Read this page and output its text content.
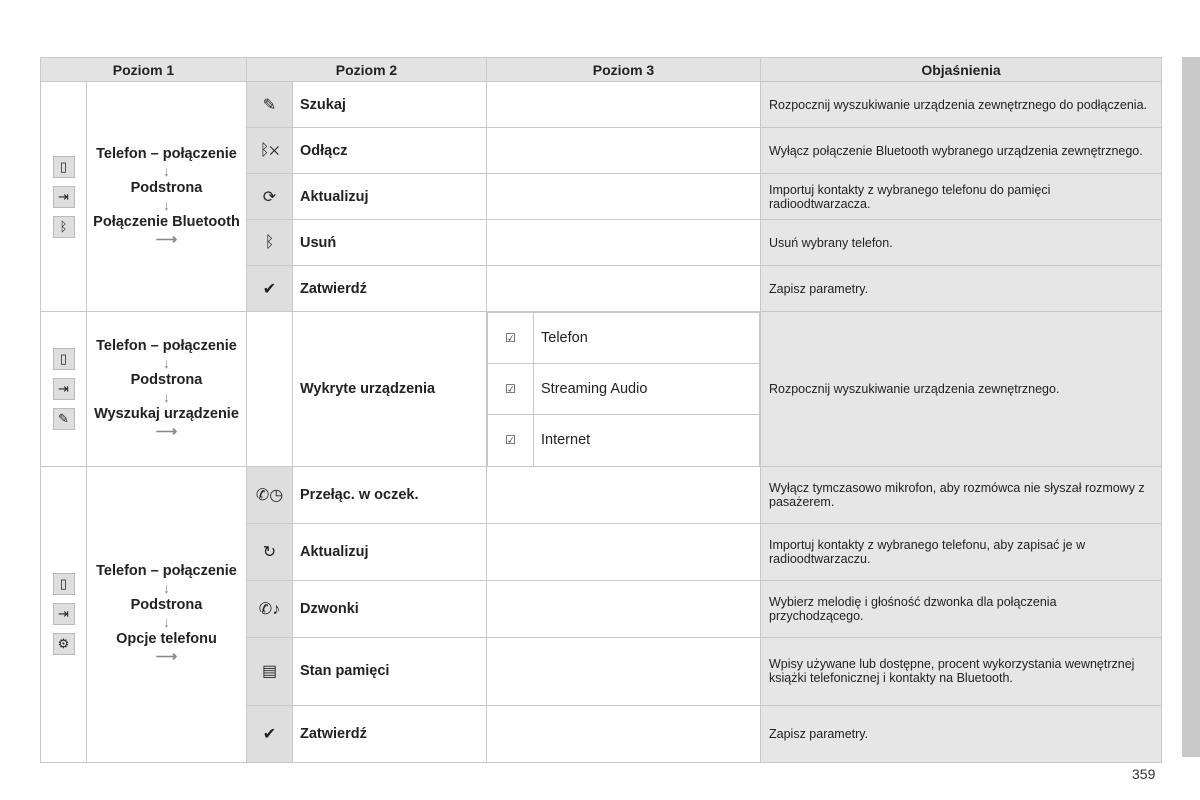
Poziom 1	Poziom 2	Poziom 3	Objaśnienia

▯
⇥
ᛒ
	Telefon – połączenie
↓
Podstrona
↓
Połączenie Bluetooth
⟶
	✎	Szukaj		Rozpocznij wyszukiwanie urządzenia zewnętrznego do podłączenia.
ᛒ✕	Odłącz		Wyłącz połączenie Bluetooth wybranego urządzenia zewnętrznego.
⟳	Aktualizuj		Importuj kontakty z wybranego telefonu do pamięci radioodtwarzacza.
ᛒ	Usuń		Usuń wybrany telefon.
✔	Zatwierdź		Zapisz parametry.

▯
⇥
✎
	Telefon – połączenie
↓
Podstrona
↓
Wyszukaj urządzenie
⟶
		Wykryte urządzenia	
☑	Telefon
☑	Streaming Audio
☑	Internet
	Rozpocznij wyszukiwanie urządzenia zewnętrznego.

▯
⇥
⚙
	Telefon – połączenie
↓
Podstrona
↓
Opcje telefonu
⟶
	✆◷	Przełąc. w oczek.		Wyłącz tymczasowo mikrofon, aby rozmówca nie słyszał rozmowy z pasażerem.
↻	Aktualizuj		Importuj kontakty z wybranego telefonu, aby zapisać je w radioodtwarzaczu.
✆♪	Dzwonki		Wybierz melodię i głośność dzwonka dla połączenia przychodzącego.
▤	Stan pamięci		Wpisy używane lub dostępne, procent wykorzystania wewnętrznej książki telefonicznej i kontakty na Bluetooth.
✔	Zatwierdź		Zapisz parametry.
359
